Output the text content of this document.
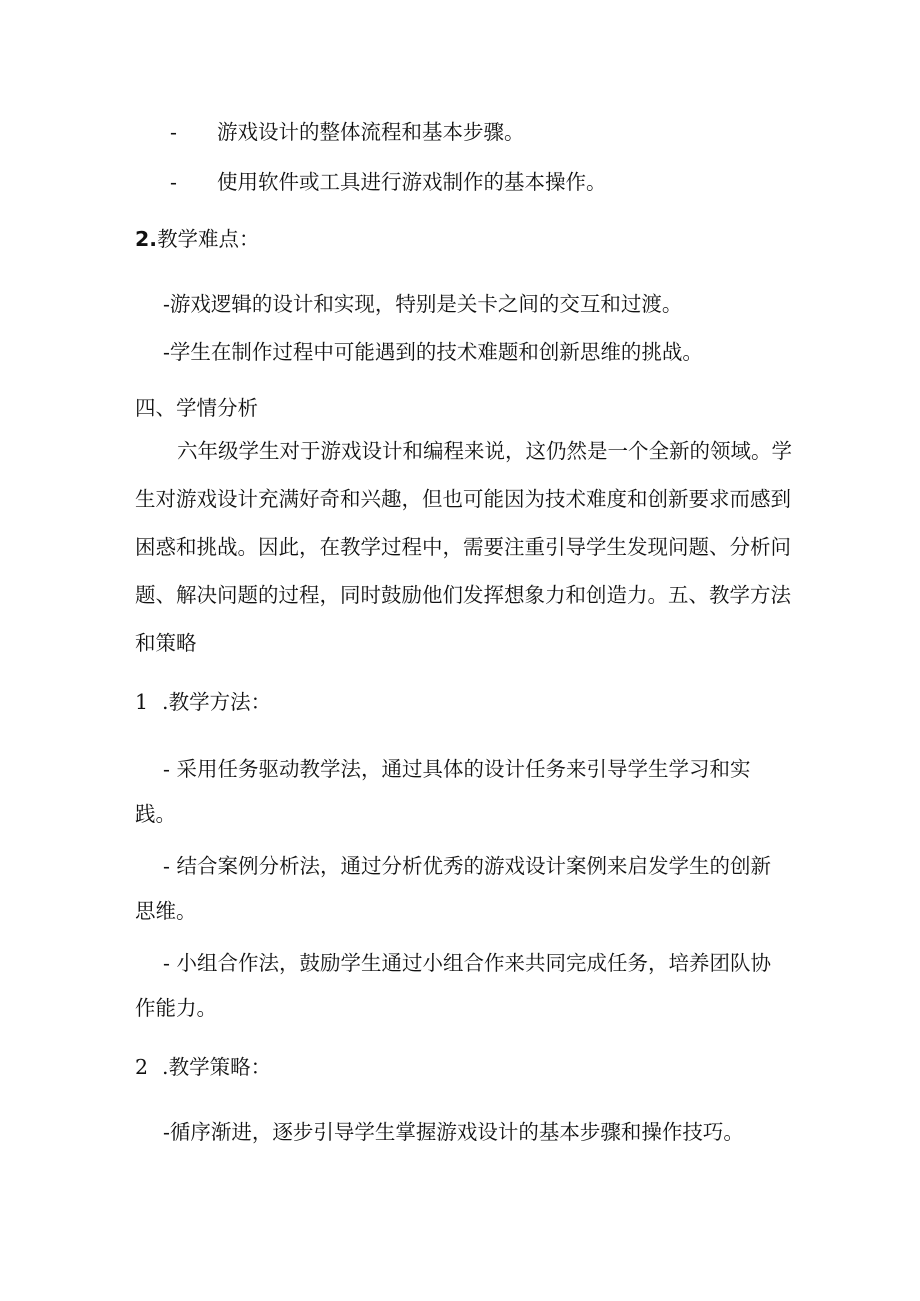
- 游戏设计的整体流程和基本步骤。

- 使用软件或工具进行游戏制作的基本操作。

2.教学难点：

-游戏逻辑的设计和实现，特别是关卡之间的交互和过渡。

-学生在制作过程中可能遇到的技术难题和创新思维的挑战。

四、学情分析

六年级学生对于游戏设计和编程来说，这仍然是一个全新的领域。学

生对游戏设计充满好奇和兴趣，但也可能因为技术难度和创新要求而感到

困惑和挑战。因此，在教学过程中，需要注重引导学生发现问题、分析问

题、解决问题的过程，同时鼓励他们发挥想象力和创造力。五、教学方法

和策略

1 .教学方法：

- 采用任务驱动教学法，通过具体的设计任务来引导学生学习和实

践。

- 结合案例分析法，通过分析优秀的游戏设计案例来启发学生的创新

思维。

- 小组合作法，鼓励学生通过小组合作来共同完成任务，培养团队协

作能力。

2 .教学策略：

-循序渐进，逐步引导学生掌握游戏设计的基本步骤和操作技巧。
